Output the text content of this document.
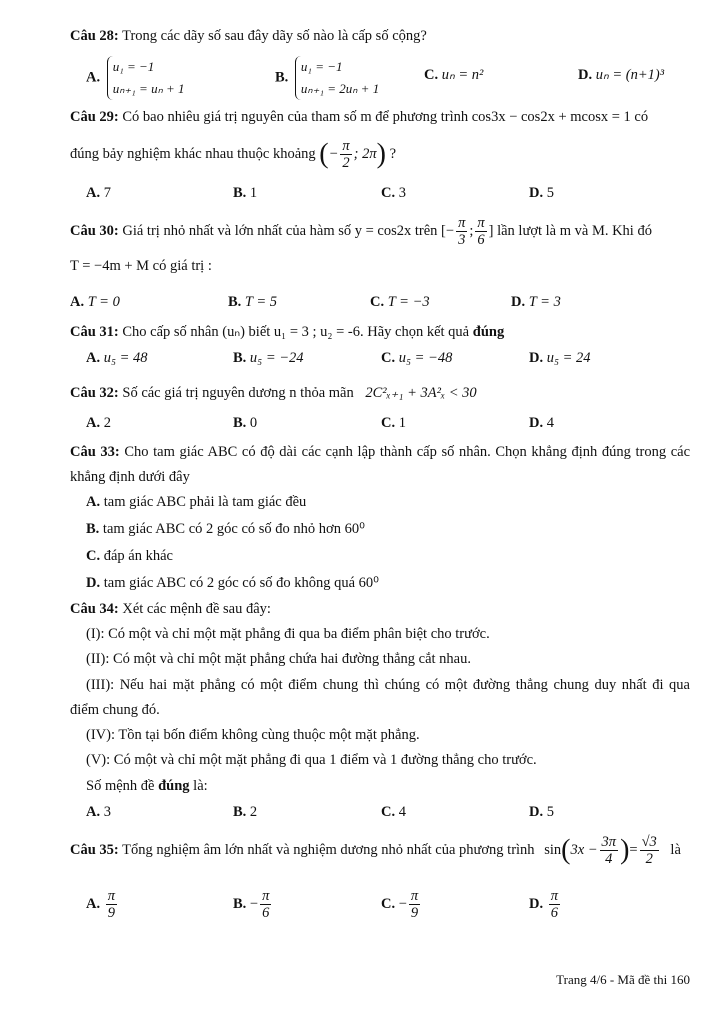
Câu 28: Trong các dãy số sau đây dãy số nào là cấp số cộng?
A. u₁ = −1
uₙ₊₁ = uₙ + 1
B. u₁ = −1
uₙ₊₁ = 2uₙ + 1
C. uₙ = n²	D. uₙ = (n+1)³
Câu 29: Có bao nhiêu giá trị nguyên của tham số m để phương trình cos3x − cos2x + mcosx = 1 có
đúng bảy nghiệm khác nhau thuộc khoảng (− $\frac{\pi}{2}$ ; 2π) ?
A. 7	B. 1	C. 3	D. 5
Câu 30: Giá trị nhỏ nhất và lớn nhất của hàm số y = cos2x trên [− $\frac{\pi}{3}$ ; $\frac{\pi}{6}$ ] lần lượt là m và M. Khi đó
T = −4m + M có giá trị :
A. T = 0	B. T = 5	C. T = −3	D. T = 3
Câu 31: Cho cấp số nhân (uₙ) biết u₁ = 3 ; u₂ = -6. Hãy chọn kết quả đúng
A. u₅ = 48	B. u₅ = −24	C. u₅ = −48	D. u₅ = 24
Câu 32: Số các giá trị nguyên dương n thỏa mãn 2C²ₓ₊₁ + 3A²ₓ < 30
A. 2	B. 0	C. 1	D. 4
Câu 33: Cho tam giác ABC có độ dài các cạnh lập thành cấp số nhân. Chọn khẳng định đúng trong các
khẳng định dưới đây
A. tam giác ABC phải là tam giác đều
B. tam giác ABC có 2 góc có số đo nhỏ hơn 60⁰
C. đáp án khác
D. tam giác ABC có 2 góc có số đo không quá 60⁰
Câu 34: Xét các mệnh đề sau đây:
(I): Có một và chỉ một mặt phẳng đi qua ba điểm phân biệt cho trước.
(II): Có một và chỉ một mặt phẳng chứa hai đường thẳng cắt nhau.
(III): Nếu hai mặt phẳng có một điểm chung thì chúng có một đường thẳng chung duy nhất đi qua
điểm chung đó.
(IV): Tồn tại bốn điểm không cùng thuộc một mặt phẳng.
(V): Có một và chỉ một mặt phẳng đi qua 1 điểm và 1 đường thẳng cho trước.
Số mệnh đề đúng là:
A. 3	B. 2	C. 4	D. 5
Câu 35: Tổng nghiệm âm lớn nhất và nghiệm dương nhỏ nhất của phương trình $\sin(3x - \frac{3\pi}{4}$ )= $\frac{√3}{2}$ là
A. $\frac{\pi}{9}$	B. − $\frac{\pi}{6}$	C. − $\frac{\pi}{9}$	D. $\frac{\pi}{6}$
Trang 4/6 - Mã đề thi 160
